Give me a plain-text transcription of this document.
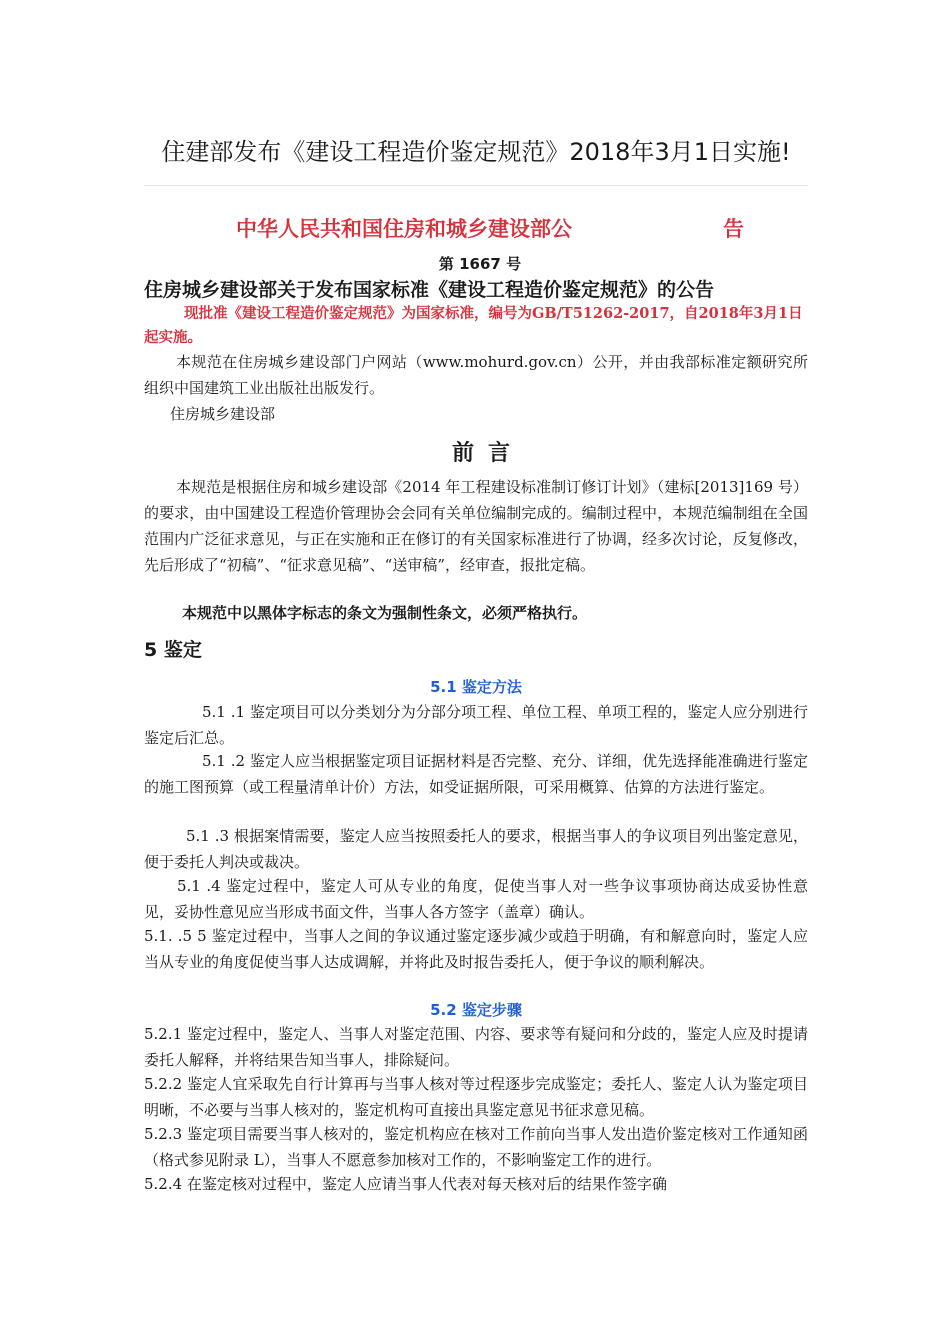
住建部发布《建设工程造价鉴定规范》2018年3月1日实施!
中华人民共和国住房和城乡建设部公	告
第 1667 号
住房城乡建设部关于发布国家标准《建设工程造价鉴定规范》的公告
现批准《建设工程造价鉴定规范》为国家标准，编号为GB/T51262-2017，自2018年3月1日起实施。
本规范在住房城乡建设部门户网站（www.mohurd.gov.cn）公开，并由我部标准定额研究所组织中国建筑工业出版社出版发行。
住房城乡建设部
前言
本规范是根据住房和城乡建设部《2014 年工程建设标准制订修订计划》（建标[2013]169 号）的要求，由中国建设工程造价管理协会会同有关单位编制完成的。编制过程中，本规范编制组在全国范围内广泛征求意见，与正在实施和正在修订的有关国家标准进行了协调，经多次讨论，反复修改，先后形成了“初稿”、“征求意见稿”、“送审稿”，经审查，报批定稿。
本规范中以黑体字标志的条文为强制性条文，必须严格执行。
5 鉴定
5.1 鉴定方法
5.1 .1 鉴定项目可以分类划分为分部分项工程、单位工程、单项工程的，鉴定人应分别进行鉴定后汇总。
5.1 .2 鉴定人应当根据鉴定项目证据材料是否完整、充分、详细，优先选择能准确进行鉴定的施工图预算（或工程量清单计价）方法，如受证据所限，可采用概算、估算的方法进行鉴定。
5.1 .3 根据案情需要，鉴定人应当按照委托人的要求，根据当事人的争议项目列出鉴定意见，便于委托人判决或裁决。
5.1 .4 鉴定过程中，鉴定人可从专业的角度，促使当事人对一些争议事项协商达成妥协性意见，妥协性意见应当形成书面文件，当事人各方签字（盖章）确认。
5.1. .5 5 鉴定过程中，当事人之间的争议通过鉴定逐步减少或趋于明确，有和解意向时，鉴定人应当从专业的角度促使当事人达成调解，并将此及时报告委托人，便于争议的顺利解决。
5.2 鉴定步骤
5.2.1 鉴定过程中，鉴定人、当事人对鉴定范围、内容、要求等有疑问和分歧的，鉴定人应及时提请委托人解释，并将结果告知当事人，排除疑问。
5.2.2 鉴定人宜采取先自行计算再与当事人核对等过程逐步完成鉴定；委托人、鉴定人认为鉴定项目明晰，不必要与当事人核对的，鉴定机构可直接出具鉴定意见书征求意见稿。
5.2.3 鉴定项目需要当事人核对的，鉴定机构应在核对工作前向当事人发出造价鉴定核对工作通知函（格式参见附录 L），当事人不愿意参加核对工作的，不影响鉴定工作的进行。
5.2.4 在鉴定核对过程中，鉴定人应请当事人代表对每天核对后的结果作签字确
